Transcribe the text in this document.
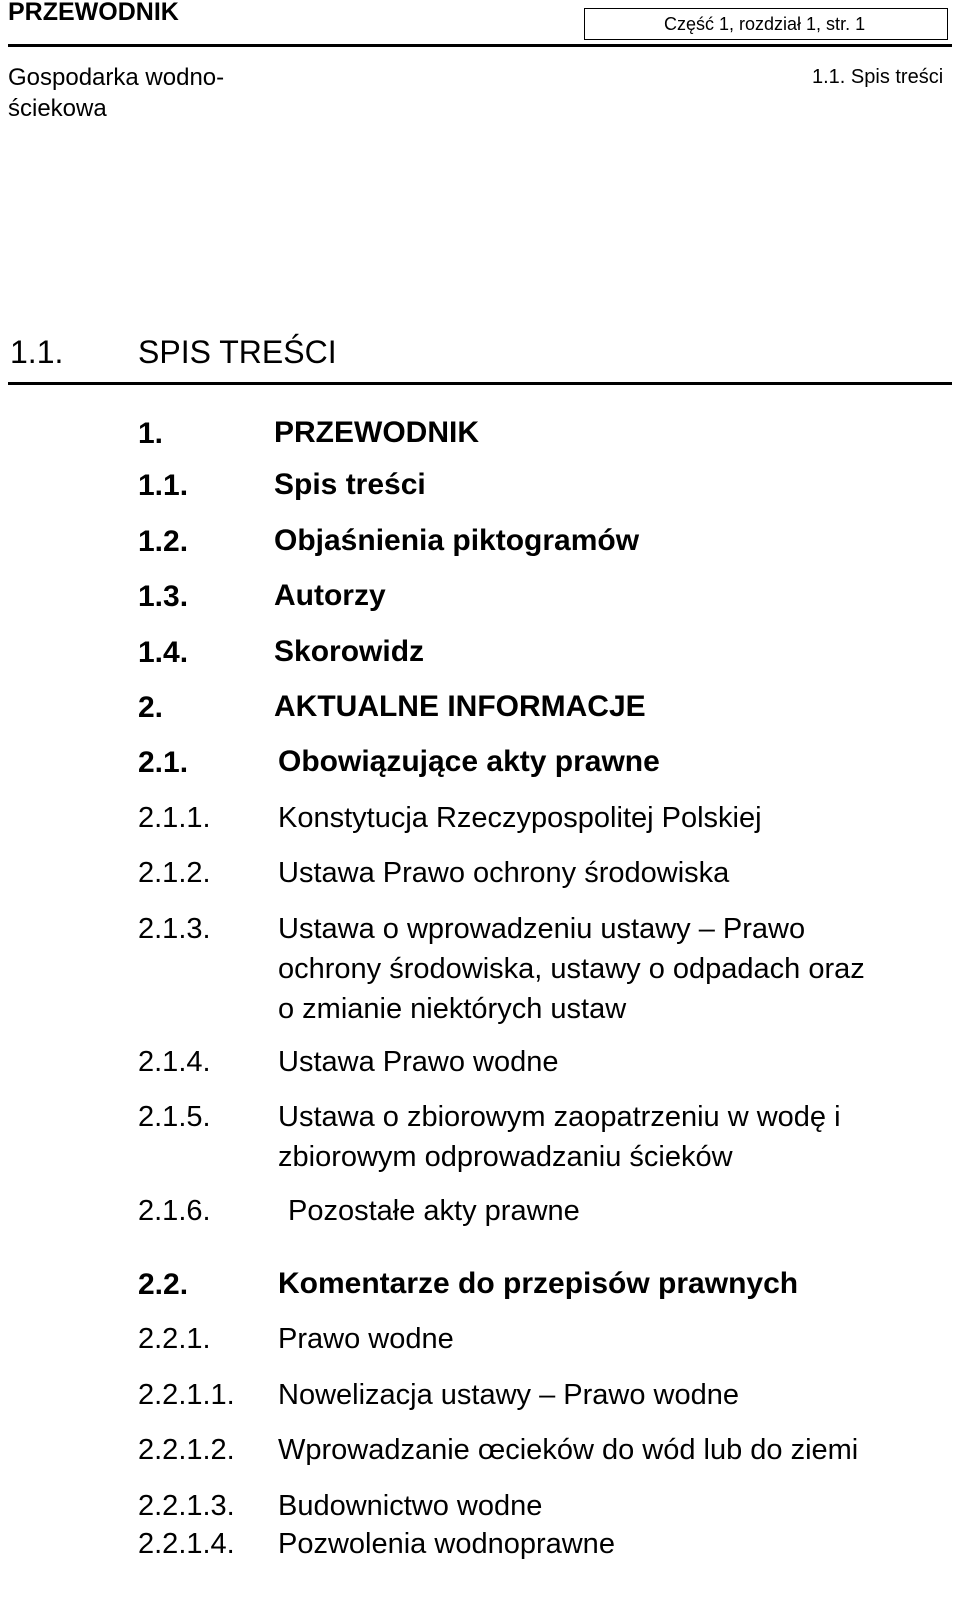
PRZEWODNIK	Część 1, rozdział 1, str. 1
Gospodarka wodno-ściekowa
1.1. Spis treści
1.1. SPIS TREŚCI
1.	PRZEWODNIK
1.1.	Spis treści
1.2.	Objaśnienia piktogramów
1.3.	Autorzy
1.4.	Skorowidz
2.	AKTUALNE INFORMACJE
2.1.	Obowiązujące akty prawne
2.1.1. Konstytucja Rzeczypospolitej Polskiej
2.1.2. Ustawa Prawo ochrony środowiska
2.1.3. Ustawa o wprowadzeniu ustawy – Prawo ochrony środowiska, ustawy o odpadach oraz o zmianie niektórych ustaw
2.1.4. Ustawa Prawo wodne
2.1.5. Ustawa o zbiorowym zaopatrzeniu w wodę i zbiorowym odprowadzaniu ścieków
2.1.6.	Pozostałe akty prawne
2.2.	Komentarze do przepisów prawnych
2.2.1. Prawo wodne
2.2.1.1. Nowelizacja ustawy – Prawo wodne
2.2.1.2. Wprowadzanie œcieków do wód lub do ziemi
2.2.1.3. Budownictwo wodne
2.2.1.4. Pozwolenia wodnoprawne
